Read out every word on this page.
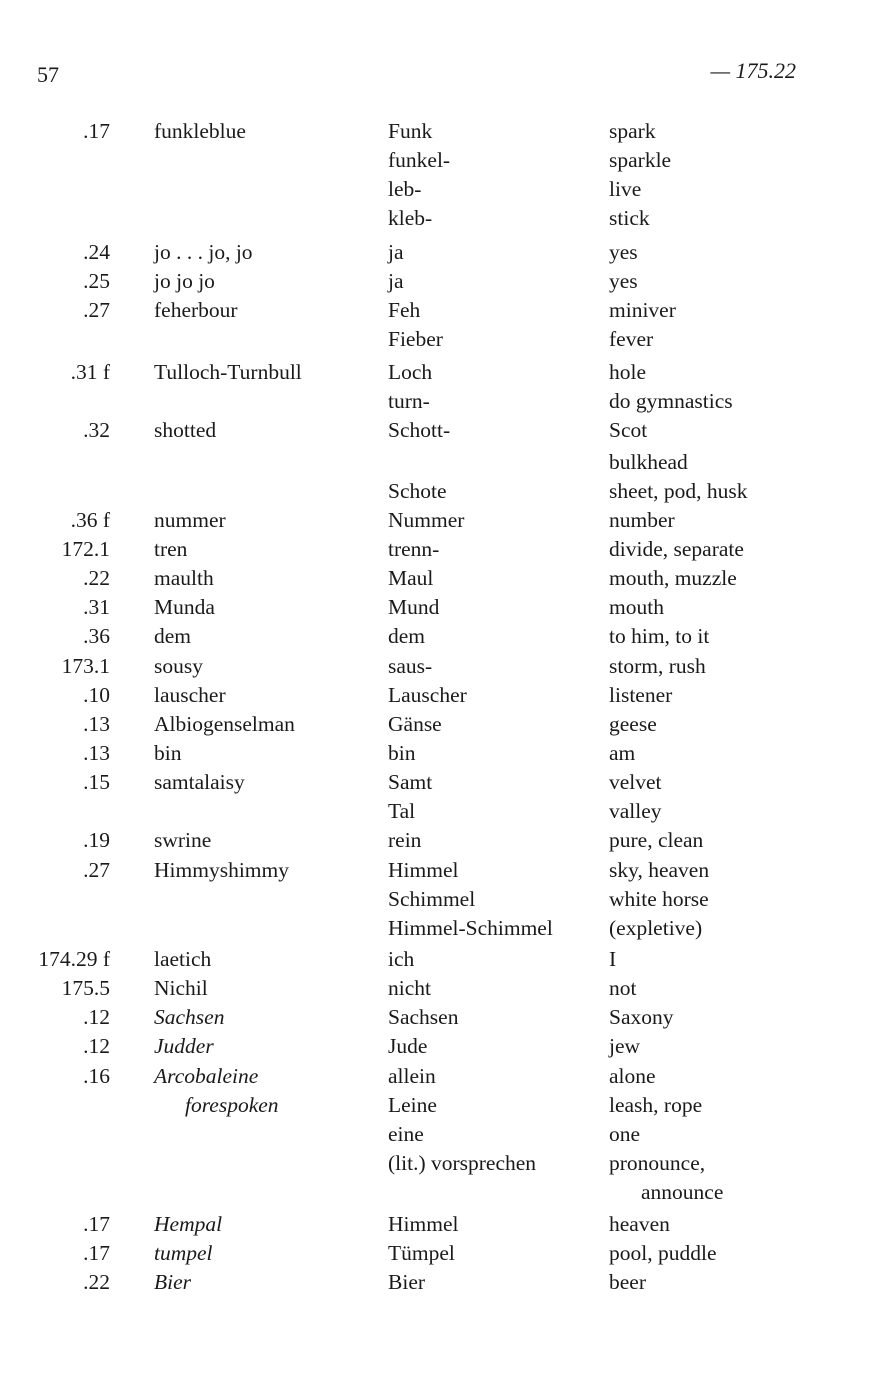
57	— 175.22
.17 funkleblue	Funk	spark
funkel-	sparkle
leb-	live
kleb-	stick
.24 jo . . . jo, jo	ja	yes
.25 jo jo jo	ja	yes
.27 feherbour	Feh	miniver
Fieber	fever
.31 f Tulloch-Turnbull	Loch	hole
turn-	do gymnastics
.32 shotted	Schott-	Scot
bulkhead
Schote	sheet, pod, husk
.36 f nummer	Nummer	number
172.1 tren	trenn-	divide, separate
.22 maulth	Maul	mouth, muzzle
.31 Munda	Mund	mouth
.36 dem	dem	to him, to it
173.1 sousy	saus-	storm, rush
.10 lauscher	Lauscher	listener
.13 Albiogenselman	Gänse	geese
.13 bin	bin	am
.15 samtalaisy	Samt	velvet
Tal	valley
.19 swrine	rein	pure, clean
.27 Himmyshimmy	Himmel	sky, heaven
Schimmel	white horse
Himmel-Schimmel	(expletive)
174.29 f laetich	ich	I
175.5 Nichil	nicht	not
.12 Sachsen	Sachsen	Saxony
.12 Judder	Jude	jew
.16 Arcobaleine	allein	alone
forespoken	Leine	leash, rope
eine	one
(lit.) vorsprechen	pronounce,
announce
.17 Hempal	Himmel	heaven
.17 tumpel	Tümpel	pool, puddle
.22 Bier	Bier	beer
